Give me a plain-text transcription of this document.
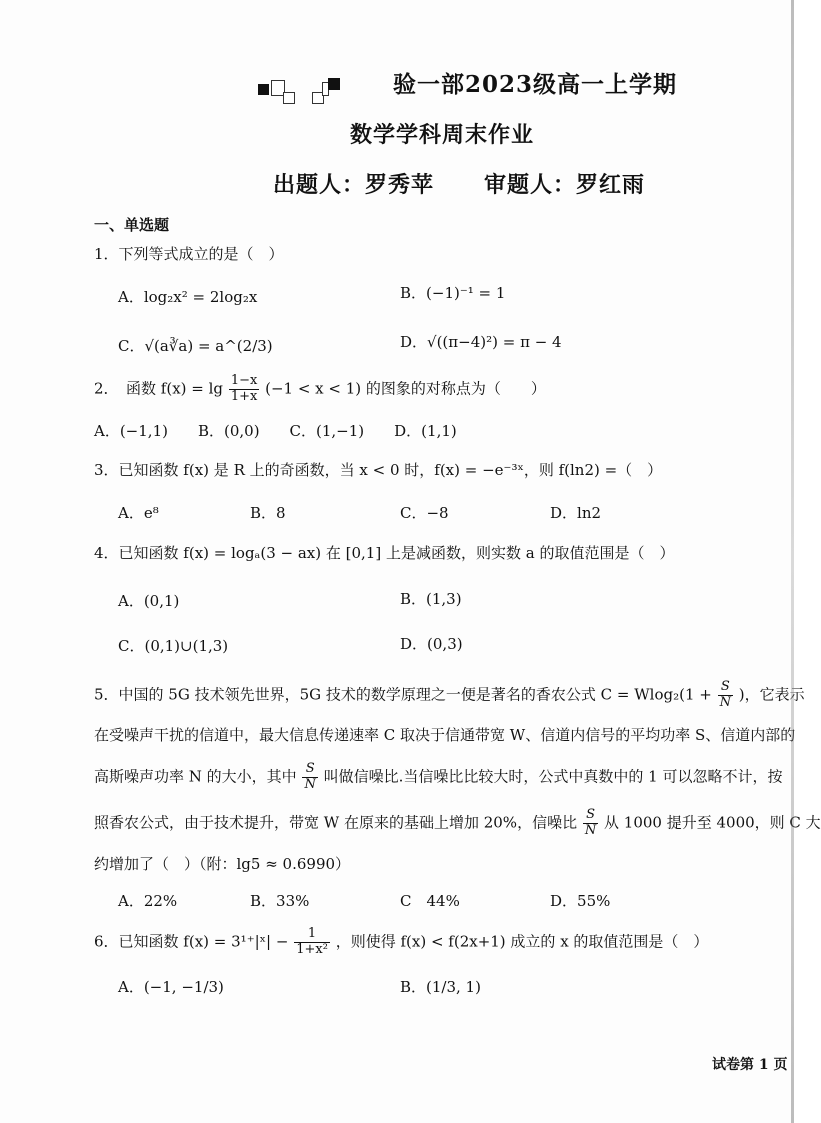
验一部2023级高一上学期
数学学科周末作业
出题人：罗秀苹 审题人：罗红雨
一、单选题
1．下列等式成立的是（　）
A．log₂x² = 2log₂x	B．(−1)⁻¹ = 1
C．√(a∛a) = a^(2/3)	D．√((π−4)²) = π − 4
2．　函数 $f(x) = \lg \frac{1-x}{1+x} (-1 < x < 1)$ 的图象的对称点为（　　）
A．(−1,1)　　B．(0,0)　　C．(1,−1)　　D．(1,1)
3．已知函数 f(x) 是 R 上的奇函数，当 x < 0 时，f(x) = −e⁻³ˣ，则 f(ln2) =（　）
A．e⁸	B．8	C．−8	D．ln2
4．已知函数 f(x) = logₐ(3 − ax) 在 [0,1] 上是减函数，则实数 a 的取值范围是（　）
A．(0,1)	B．(1,3)
C．(0,1)∪(1,3)	D．(0,3)
5．中国的 5G 技术领先世界，5G 技术的数学原理之一便是著名的香农公式 $C = Wlog_2(1 + \frac{S}{N}$ )，它表示
在受噪声干扰的信道中，最大信息传递速率 C 取决于信通带宽 W、信道内信号的平均功率 S、信道内部的
高斯噪声功率 N 的大小，其中 $\frac{S}{N}$ 叫做信噪比.当信噪比比较大时，公式中真数中的 1 可以忽略不计，按
照香农公式，由于技术提升，带宽 W 在原来的基础上增加 20%，信噪比 $\frac{S}{N}$ 从 1000 提升至 4000，则 C 大
约增加了（　）（附：lg5 ≈ 0.6990）
A．22%	B．33%	C　44%	D．55%
6．已知函数 f(x) = 3¹⁺|ˣ| − $\frac{1}{\text{1+x²}}$ ，则使得 f(x) < f(2x+1) 成立的 x 的取值范围是（　）
A．(−1, −1/3)	B．(1/3, 1)
试卷第 1 页
